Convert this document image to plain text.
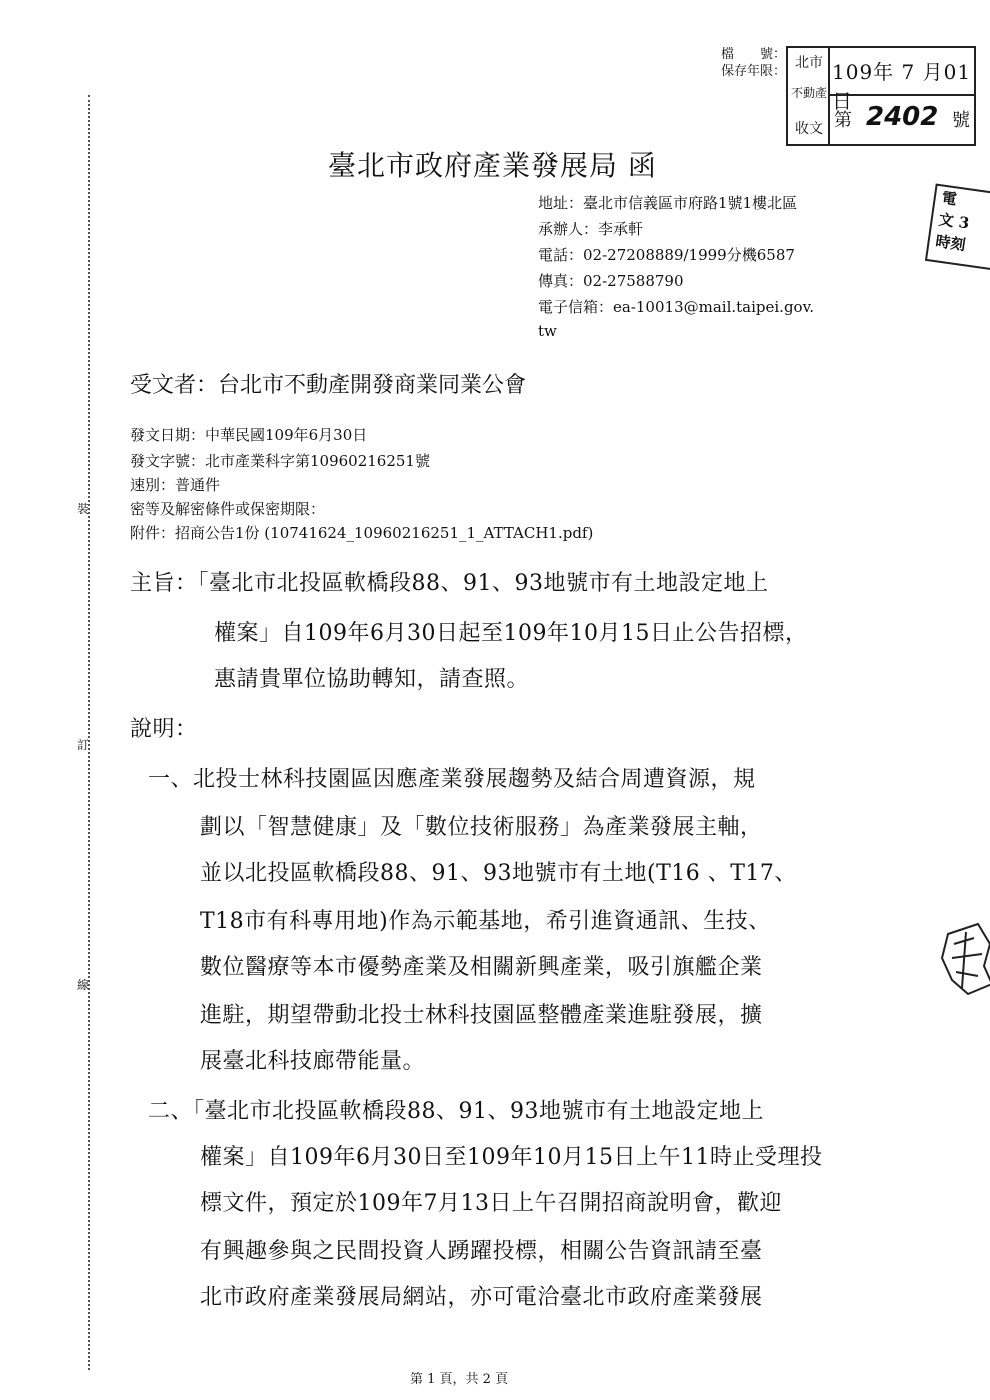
裝
訂
線
檔　　號：
保存年限：
北市
不動產
收文
109年 7 月01日
第 2402 號
電
文 3
時刻
臺北市政府產業發展局 函
地址：臺北市信義區市府路1號1樓北區
承辦人：李承軒
電話：02-27208889/1999分機6587
傳真：02-27588790
電子信箱：ea-10013@mail.taipei.gov.
tw
受文者：台北市不動產開發商業同業公會
發文日期：中華民國109年6月30日
發文字號：北市產業科字第10960216251號
速別：普通件
密等及解密條件或保密期限：
附件：招商公告1份 (10741624_10960216251_1_ATTACH1.pdf)
主旨：「臺北市北投區軟橋段88、91、93地號市有土地設定地上
權案」自109年6月30日起至109年10月15日止公告招標，
惠請貴單位協助轉知，請查照。
說明：
一、北投士林科技園區因應產業發展趨勢及結合周遭資源，規
劃以「智慧健康」及「數位技術服務」為產業發展主軸，
並以北投區軟橋段88、91、93地號市有土地(T16 、T17、
T18市有科專用地)作為示範基地，希引進資通訊、生技、
數位醫療等本市優勢產業及相關新興產業，吸引旗艦企業
進駐，期望帶動北投士林科技園區整體產業進駐發展，擴
展臺北科技廊帶能量。
二、「臺北市北投區軟橋段88、91、93地號市有土地設定地上
權案」自109年6月30日至109年10月15日上午11時止受理投
標文件，預定於109年7月13日上午召開招商說明會，歡迎
有興趣參與之民間投資人踴躍投標，相關公告資訊請至臺
北市政府產業發展局網站，亦可電洽臺北市政府產業發展
第 1 頁，共 2 頁
